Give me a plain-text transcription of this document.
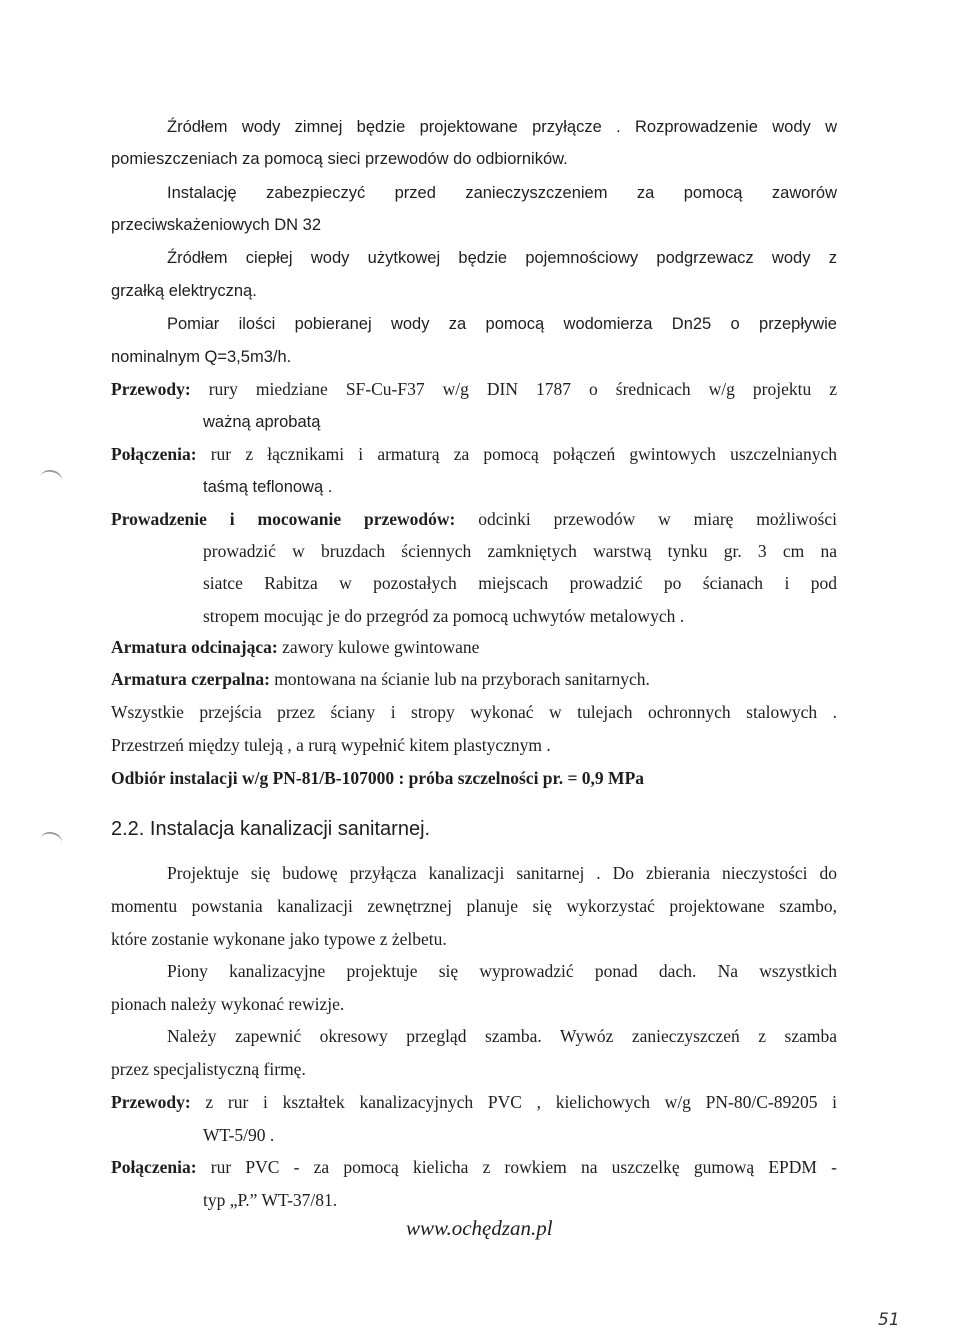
Źródłem wody zimnej będzie projektowane przyłącze . Rozprowadzenie wody w
pomieszczeniach za pomocą sieci przewodów do odbiorników.
Instalację zabezpieczyć przed zanieczyszczeniem za pomocą zaworów
przeciwskażeniowych DN 32
Źródłem ciepłej wody użytkowej będzie pojemnościowy podgrzewacz wody z
grzałką elektryczną.
Pomiar ilości pobieranej wody za pomocą wodomierza Dn25 o przepływie
nominalnym Q=3,5m3/h.
Przewody: rury miedziane SF-Cu-F37 w/g DIN 1787 o średnicach w/g projektu z
ważną aprobatą
Połączenia: rur z łącznikami i armaturą za pomocą połączeń gwintowych uszczelnianych
taśmą teflonową .
Prowadzenie i mocowanie przewodów: odcinki przewodów w miarę możliwości
prowadzić w bruzdach ściennych zamkniętych warstwą tynku gr. 3 cm na
siatce Rabitza w pozostałych miejscach prowadzić po ścianach i pod
stropem mocując je do przegród za pomocą uchwytów metalowych .
Armatura odcinająca: zawory kulowe gwintowane
Armatura czerpalna: montowana na ścianie lub na przyborach sanitarnych.
Wszystkie przejścia przez ściany i stropy wykonać w tulejach ochronnych stalowych .
Przestrzeń między tuleją , a rurą wypełnić kitem plastycznym .
Odbiór instalacji w/g PN-81/B-107000 : próba szczelności pr. = 0,9 MPa
2.2. Instalacja kanalizacji sanitarnej.
Projektuje się budowę przyłącza kanalizacji sanitarnej . Do zbierania nieczystości do
momentu powstania kanalizacji zewnętrznej planuje się wykorzystać projektowane szambo,
które zostanie wykonane jako typowe z żelbetu.
Piony kanalizacyjne projektuje się wyprowadzić ponad dach. Na wszystkich
pionach należy wykonać rewizje.
Należy zapewnić okresowy przegląd szamba. Wywóz zanieczyszczeń z szamba
przez specjalistyczną firmę.
Przewody: z rur i kształtek kanalizacyjnych PVC , kielichowych w/g PN-80/C-89205 i
WT-5/90 .
Połączenia: rur PVC - za pomocą kielicha z rowkiem na uszczelkę gumową EPDM -
typ „P.” WT-37/81.
www.ochędzan.pl
51
